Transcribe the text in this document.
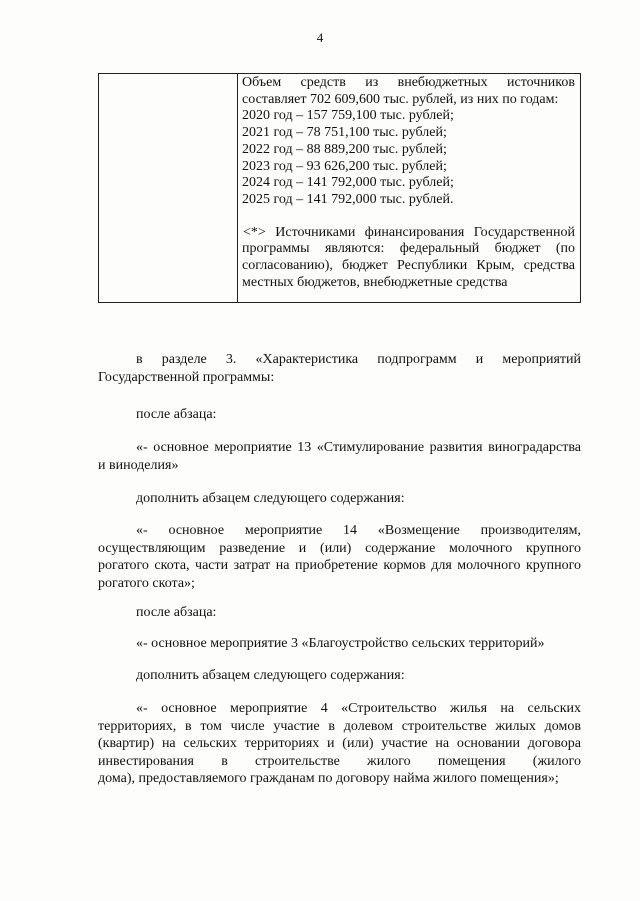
4
Объем средств из внебюджетных источников
составляет 702 609,600 тыс. рублей, из них по годам:
2020 год – 157 759,100 тыс. рублей;
2021 год – 78 751,100 тыс. рублей;
2022 год – 88 889,200 тыс. рублей;
2023 год – 93 626,200 тыс. рублей;
2024 год – 141 792,000 тыс. рублей;
2025 год – 141 792,000 тыс. рублей.
<*> Источниками финансирования Государственной
программы являются: федеральный бюджет (по
согласованию), бюджет Республики Крым, средства
местных бюджетов, внебюджетные средства
в разделе 3. «Характеристика подпрограмм и мероприятий
Государственной программы:
после абзаца:
«- основное мероприятие 13 «Стимулирование развития виноградарства
и виноделия»
дополнить абзацем следующего содержания:
«- основное мероприятие 14 «Возмещение производителям,
осуществляющим разведение и (или) содержание молочного крупного
рогатого скота, части затрат на приобретение кормов для молочного крупного
рогатого скота»;
после абзаца:
«- основное мероприятие 3 «Благоустройство сельских территорий»
дополнить абзацем следующего содержания:
«- основное мероприятие 4 «Строительство жилья на сельских
территориях, в том числе участие в долевом строительстве жилых домов
(квартир) на сельских территориях и (или) участие на основании договора
инвестирования в строительстве жилого помещения (жилого
дома), предоставляемого гражданам по договору найма жилого помещения»;
